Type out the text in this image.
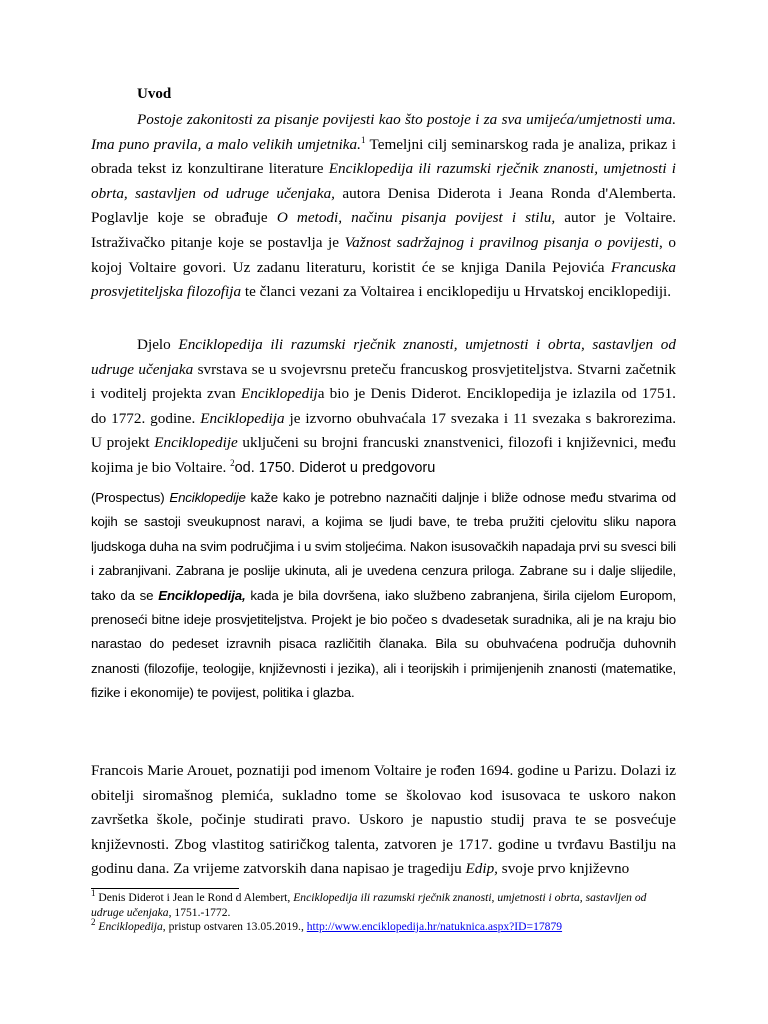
Uvod

Postoje zakonitosti za pisanje povijesti kao što postoje i za sva umijeća/umjetnosti uma. Ima puno pravila, a malo velikih umjetnika.$^1$ Temeljni cilj seminarskog rada je analiza, prikaz i obrada tekst iz konzultirane literature Enciklopedija ili razumski rječnik znanosti, umjetnosti i obrta, sastavljen od udruge učenjaka, autora Denisa Diderota i Jeana Ronda d'Alemberta. Poglavlje koje se obrađuje O metodi, načinu pisanja povijest i stilu, autor je Voltaire. Istraživačko pitanje koje se postavlja je Važnost sadržajnog i pravilnog pisanja o povijesti, o kojoj Voltaire govori. Uz zadanu literaturu, koristit će se knjiga Danila Pejovića Francuska prosvjetiteljska filozofija te članci vezani za Voltairea i enciklopediju u Hrvatskoj enciklopediji.

Djelo Enciklopedija ili razumski rječnik znanosti, umjetnosti i obrta, sastavljen od udruge učenjaka svrstava se u svojevrsnu preteču francuskog prosvjetiteljstva. Stvarni začetnik i voditelj projekta zvan Enciklopedija bio je Denis Diderot. Enciklopedija je izlazila od 1751. do 1772. godine. Enciklopedija je izvorno obuhvaćala 17 svezaka i 11 svezaka s bakrorezima. U projekt Enciklopedije uključeni su brojni francuski znanstvenici, filozofi i književnici, među kojima je bio Voltaire. $^2$od. 1750. Diderot u predgovoru

(Prospectus) Enciklopedije kaže kako je potrebno naznačiti daljnje i bliže odnose među stvarima od kojih se sastoji sveukupnost naravi, a kojima se ljudi bave, te treba pružiti cjelovitu sliku napora ljudskoga duha na svim područjima i u svim stoljećima. Nakon isusovačkih napadaja prvi su svesci bili i zabranjivani. Zabrana je poslije ukinuta, ali je uvedena cenzura priloga. Zabrane su i dalje slijedile, tako da se Enciklopedija, kada je bila dovršena, iako službeno zabranjena, širila cijelom Europom, prenoseći bitne ideje prosvjetiteljstva. Projekt je bio počeo s dvadesetak suradnika, ali je na kraju bio narastao do pedeset izravnih pisaca različitih članaka. Bila su obuhvaćena područja duhovnih znanosti (filozofije, teologije, književnosti i jezika), ali i teorijskih i primijenjenih znanosti (matematike, fizike i ekonomije) te povijest, politika i glazba.

Francois Marie Arouet, poznatiji pod imenom Voltaire je rođen 1694. godine u Parizu. Dolazi iz obitelji siromašnog plemića, sukladno tome se školovao kod isusovaca te uskoro nakon završetka škole, počinje studirati pravo. Uskoro je napustio studij prava te se posvećuje književnosti. Zbog vlastitog satiričkog talenta, zatvoren je 1717. godine u tvrđavu Bastilju na godinu dana. Za vrijeme zatvorskih dana napisao je tragediju Edip, svoje prvo književno

$^1$ Denis Diderot i Jean le Rond d Alembert, Enciklopedija ili razumski rječnik znanosti, umjetnosti i obrta, sastavljen od udruge učenjaka, 1751.-1772.

$^2$ Enciklopedija, pristup ostvaren 13.05.2019., http://www.enciklopedija.hr/natuknica.aspx?ID=17879
